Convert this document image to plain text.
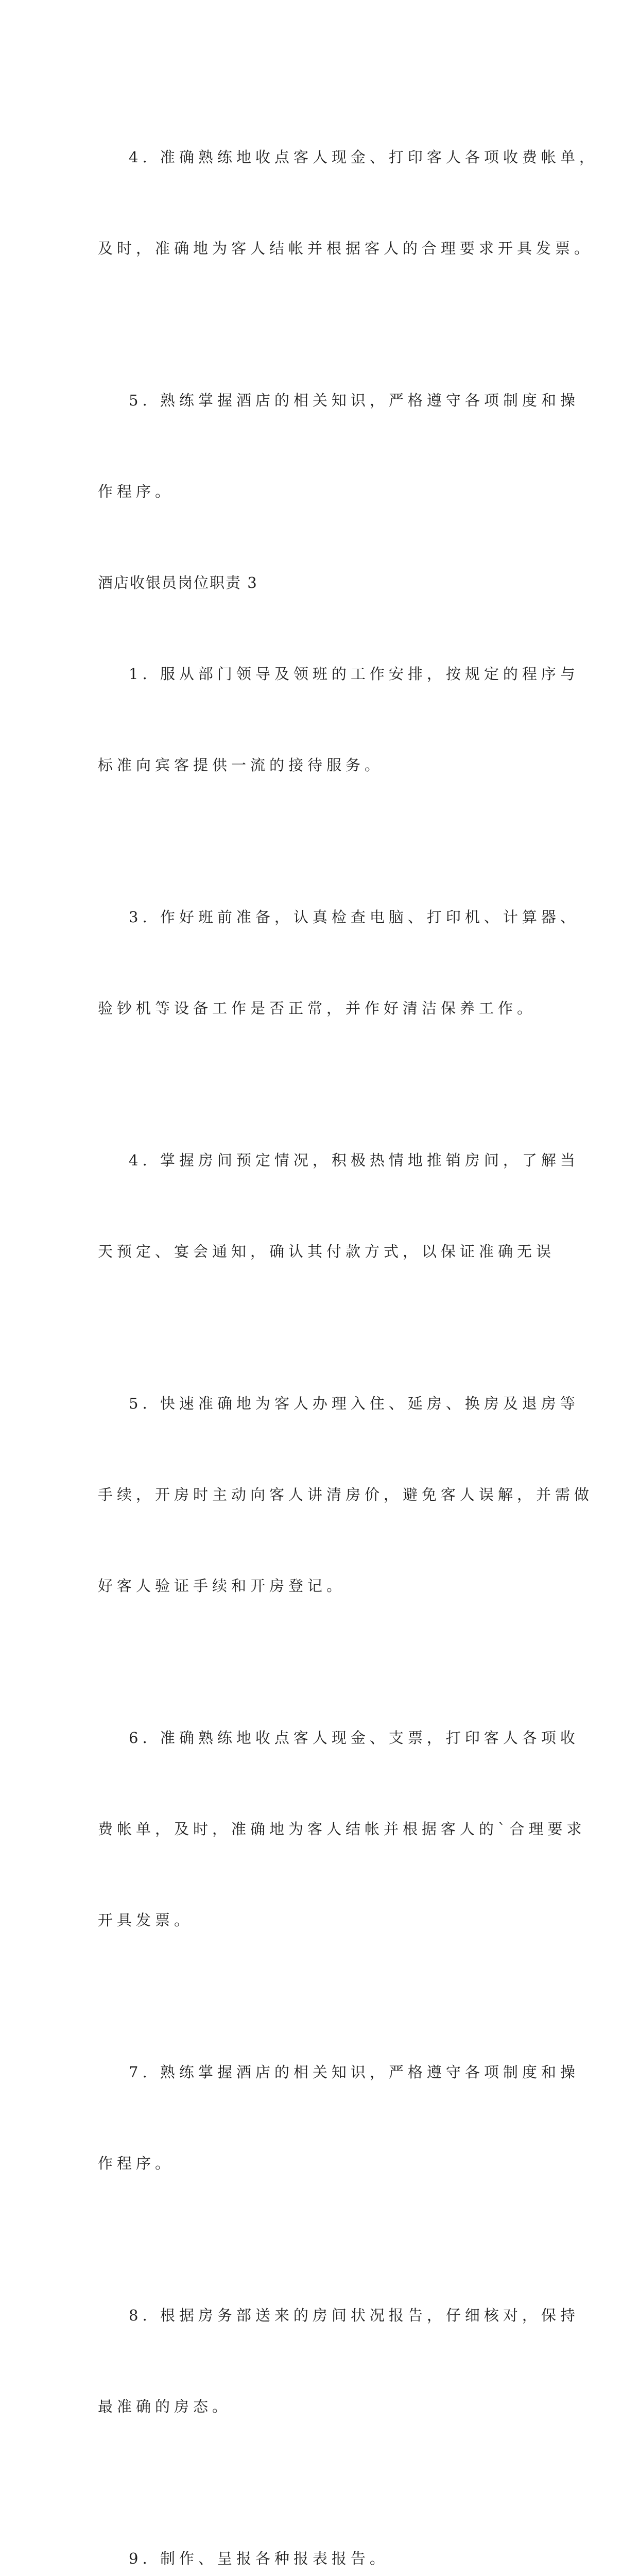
4. 准确熟练地收点客人现金、打印客人各项收费帐单，

及时，准确地为客人结帐并根据客人的合理要求开具发票。

5. 熟练掌握酒店的相关知识，严格遵守各项制度和操

作程序。

酒店收银员岗位职责 3

1. 服从部门领导及领班的工作安排，按规定的程序与

标准向宾客提供一流的接待服务。

3. 作好班前准备，认真检查电脑、打印机、计算器、

验钞机等设备工作是否正常，并作好清洁保养工作。

4. 掌握房间预定情况，积极热情地推销房间，了解当

天预定、宴会通知，确认其付款方式，以保证准确无误

5. 快速准确地为客人办理入住、延房、换房及退房等

手续，开房时主动向客人讲清房价，避免客人误解，并需做

好客人验证手续和开房登记。

6. 准确熟练地收点客人现金、支票，打印客人各项收

费帐单，及时，准确地为客人结帐并根据客人的`合理要求

开具发票。

7. 熟练掌握酒店的相关知识，严格遵守各项制度和操

作程序。

8. 根据房务部送来的房间状况报告，仔细核对，保持

最准确的房态。

9. 制作、呈报各种报表报告。
